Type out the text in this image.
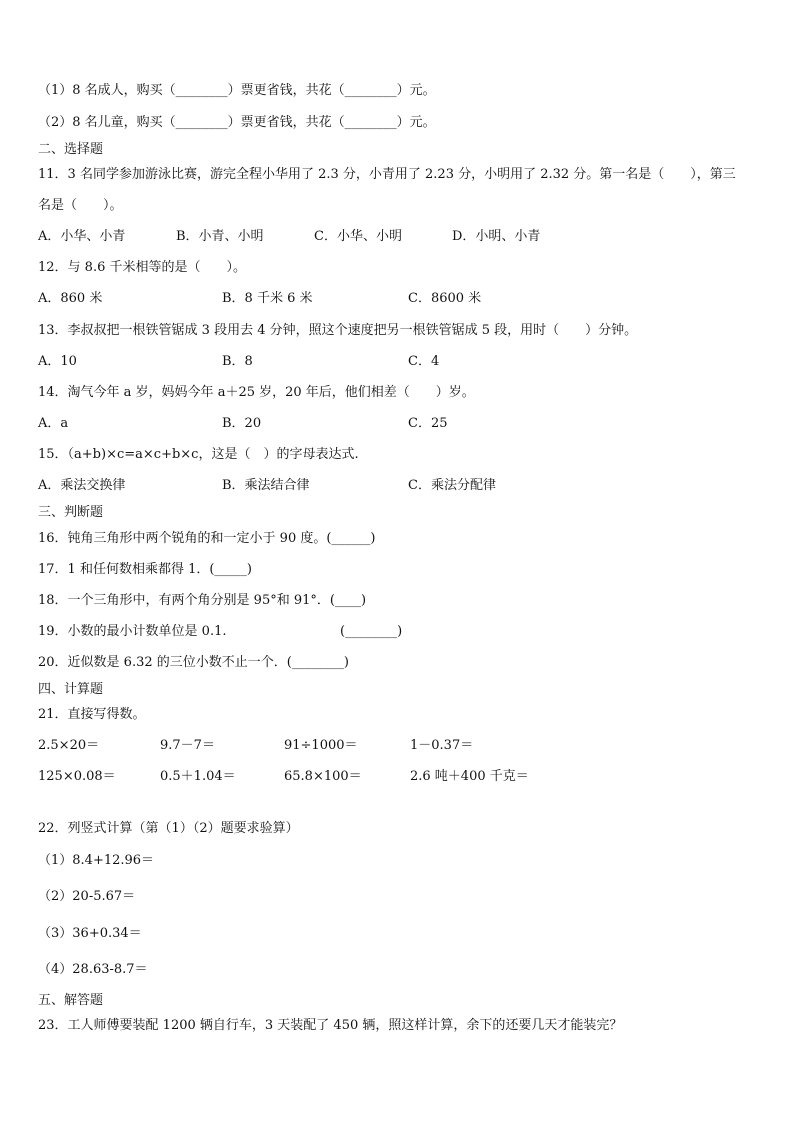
（1）8 名成人，购买（________）票更省钱，共花（________）元。
（2）8 名儿童，购买（________）票更省钱，共花（________）元。
二、选择题
11．3 名同学参加游泳比赛，游完全程小华用了 2.3 分，小青用了 2.23 分，小明用了 2.32 分。第一名是（　　），第三
名是（　　）。
A．小华、小青	B．小青、小明	C．小华、小明	D．小明、小青
12．与 8.6 千米相等的是（　　）。
A．860 米	B．8 千米 6 米	C．8600 米
13．李叔叔把一根铁管锯成 3 段用去 4 分钟，照这个速度把另一根铁管锯成 5 段，用时（　　）分钟。
A．10	B．8	C．4
14．淘气今年 a 岁，妈妈今年 a＋25 岁，20 年后，他们相差（　　）岁。
A．a	B．20	C．25
15．（a+b)×c=a×c+b×c，这是（　）的字母表达式.
A．乘法交换律	B．乘法结合律	C．乘法分配律
三、判断题
16．钝角三角形中两个锐角的和一定小于 90 度。(______)
17．1 和任何数相乘都得 1．(_____)
18．一个三角形中，有两个角分别是 95°和 91°．(____)
19．小数的最小计数单位是 0.1.	(________)
20．近似数是 6.32 的三位小数不止一个．(________)
四、计算题
21．直接写得数。
2.5×20＝	9.7－7＝	91÷1000＝	1－0.37＝
125×0.08＝	0.5＋1.04＝	65.8×100＝	2.6 吨＋400 千克＝
22．列竖式计算（第（1）（2）题要求验算）
（1）8.4+12.96＝
（2）20-5.67＝
（3）36+0.34＝
（4）28.63-8.7＝
五、解答题
23．工人师傅要装配 1200 辆自行车，3 天装配了 450 辆，照这样计算，余下的还要几天才能装完？
